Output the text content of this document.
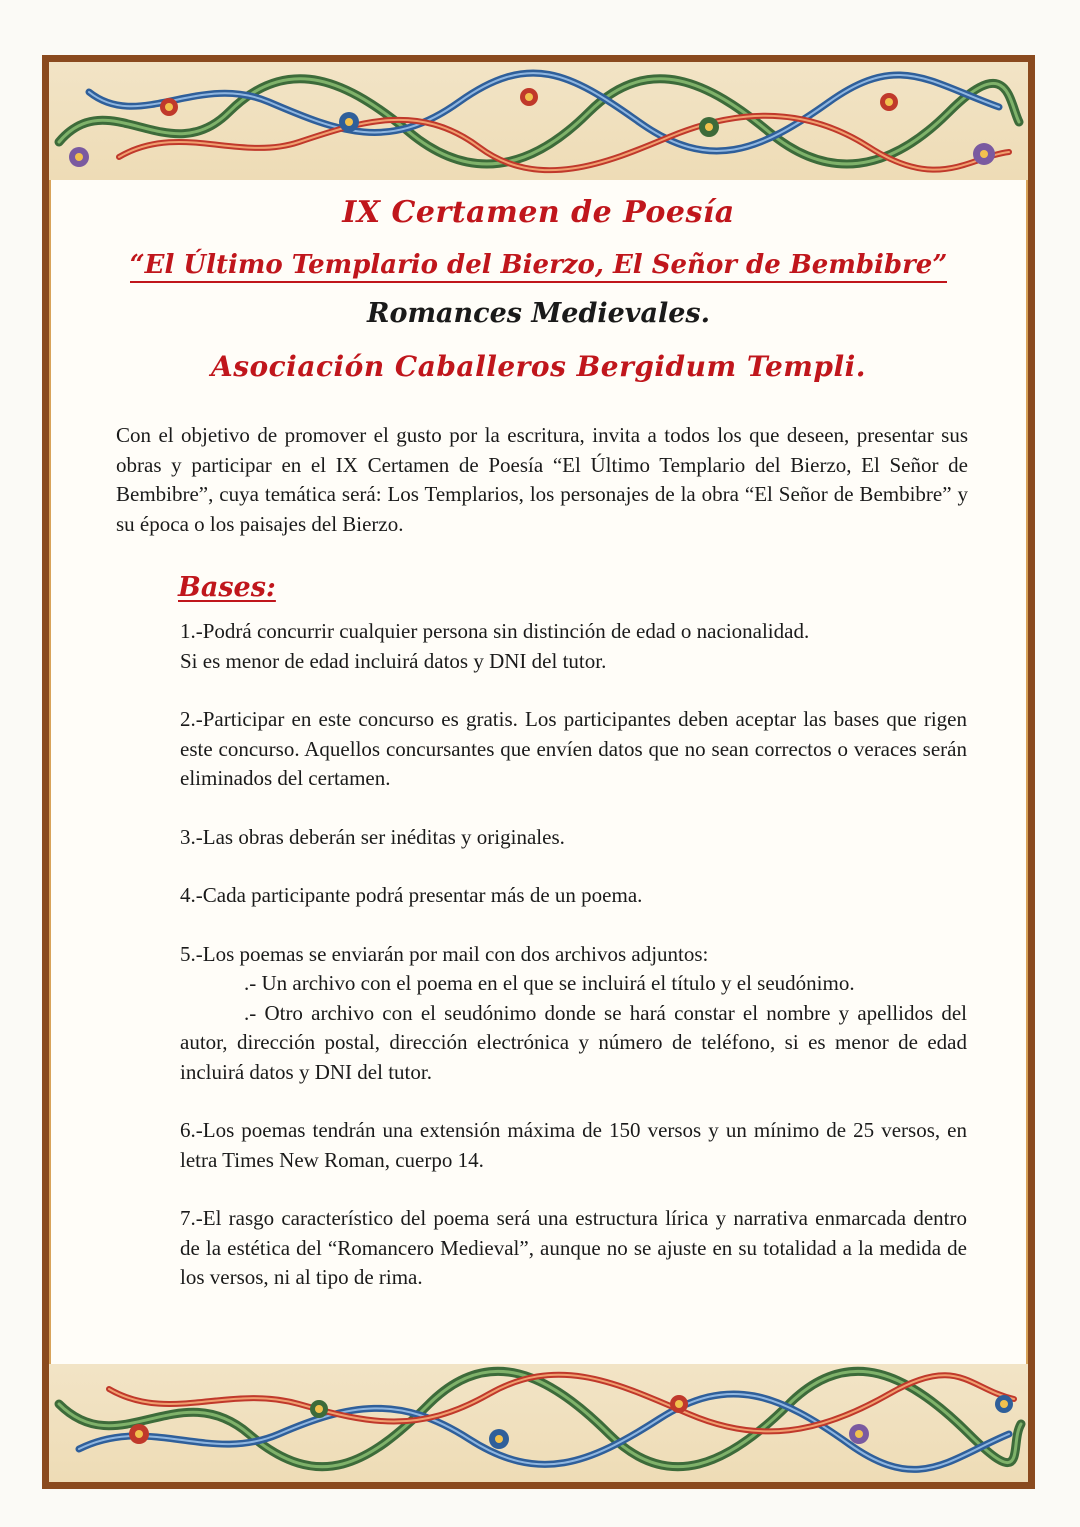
IX Certamen de Poesía
“El Último Templario del Bierzo, El Señor de Bembibre”
Romances Medievales.
Asociación Caballeros Bergidum Templi.

Con el objetivo de promover el gusto por la escritura, invita a todos los que deseen, presentar sus obras y participar en el IX Certamen de Poesía “El Último Templario del Bierzo, El Señor de Bembibre”, cuya temática será: Los Templarios, los personajes de la obra “El Señor de Bembibre” y su época o los paisajes del Bierzo.

Bases:

1.-Podrá concurrir cualquier persona sin distinción de edad o nacionalidad.

Si es menor de edad incluirá datos y DNI del tutor.

2.-Participar en este concurso es gratis. Los participantes deben aceptar las bases que rigen este concurso. Aquellos concursantes que envíen datos que no sean correctos o veraces serán eliminados del certamen.

3.-Las obras deberán ser inéditas y originales.

4.-Cada participante podrá presentar más de un poema.

5.-Los poemas se enviarán por mail con dos archivos adjuntos:

.- Un archivo con el poema en el que se incluirá el título y el seudónimo.

.- Otro archivo con el seudónimo donde se hará constar el nombre y apellidos del autor, dirección postal, dirección electrónica y número de teléfono, si es menor de edad incluirá datos y DNI del tutor.

6.-Los poemas tendrán una extensión máxima de 150 versos y un mínimo de 25 versos, en letra Times New Roman, cuerpo 14.

7.-El rasgo característico del poema será una estructura lírica y narrativa enmarcada dentro de la estética del “Romancero Medieval”, aunque no se ajuste en su totalidad a la medida de los versos, ni al tipo de rima.
